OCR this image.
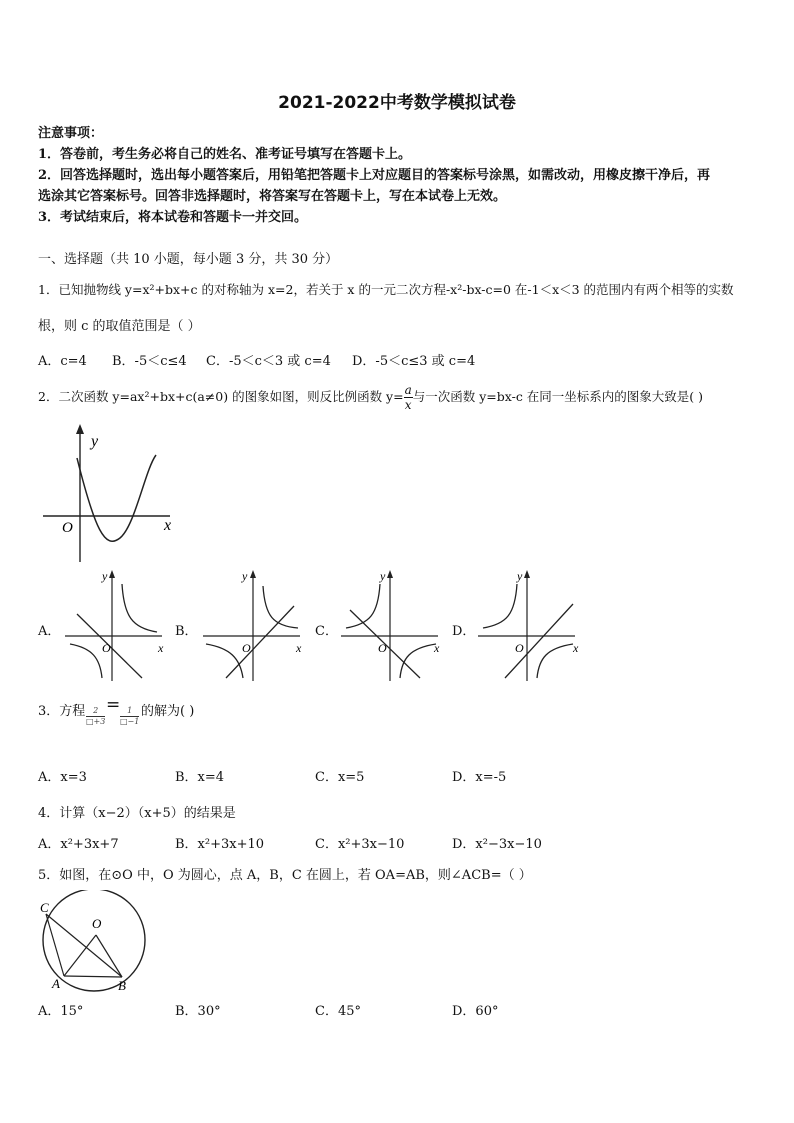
2021-2022中考数学模拟试卷
注意事项：
1．答卷前，考生务必将自己的姓名、准考证号填写在答题卡上。
2．回答选择题时，选出每小题答案后，用铅笔把答题卡上对应题目的答案标号涂黑，如需改动，用橡皮擦干净后，再
选涂其它答案标号。回答非选择题时，将答案写在答题卡上，写在本试卷上无效。
3．考试结束后，将本试卷和答题卡一并交回。
一、选择题（共 10 小题，每小题 3 分，共 30 分）
1．已知抛物线 y=x²+bx+c 的对称轴为 x=2，若关于 x 的一元二次方程-x²-bx-c=0 在-1＜x＜3 的范围内有两个相等的实数
根，则 c 的取值范围是（ ）
A．c=4 B．-5＜c≤4 C．-5＜c＜3 或 c=4 D．-5＜c≤3 或 c=4
2．二次函数 y=ax²+bx+c(a≠0) 的图象如图，则反比例函数 $y= \frac{a}{x}$ 与一次函数 y=bx-c 在同一坐标系内的图象大致是( )
y
x
O
A．
y
x
O
B．
y
x
O
C．
y
x
O
D．
y
x
O
3．方程 2
□+3
= 1
□−1
的解为( )
A．x=3	B．x=4	C．x=5	D．x=-5
4．计算（x−2）（x+5）的结果是
A．x²+3x+7	B．x²+3x+10	C．x²+3x−10	D．x²−3x−10
5．如图，在⊙O 中，O 为圆心，点 A，B，C 在圆上，若 OA=AB，则∠ACB=（ ）
C
O
A	B
A．15°	B．30°	C．45°	D．60°
